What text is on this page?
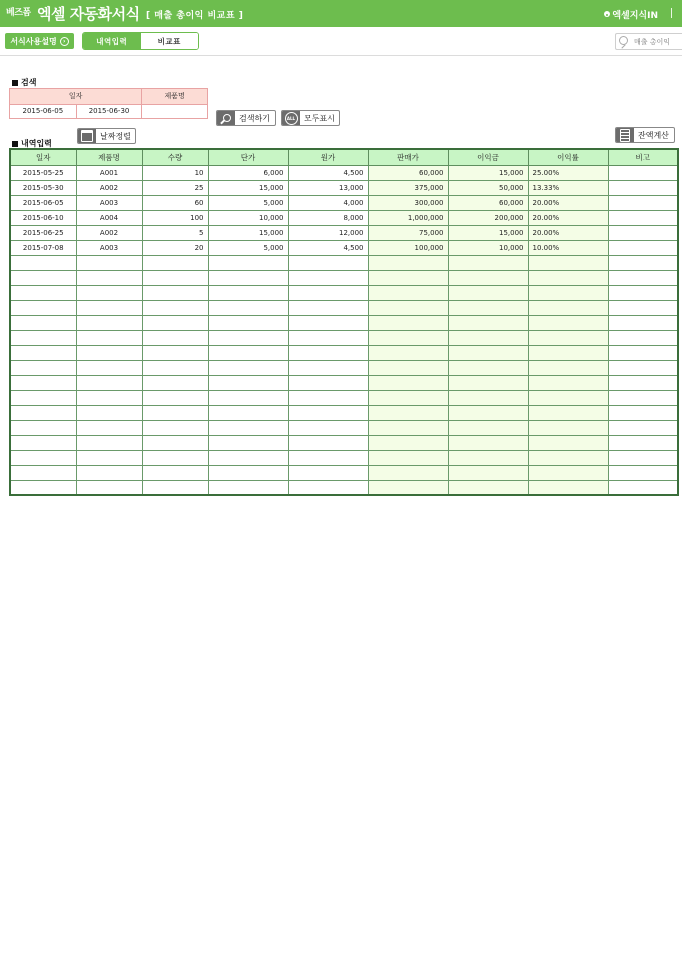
베즈폼 엑셀 자동화서식 [ 매출 총이익 비교표 ]	엑셀지식IN
서식사용설명	›	내역입력	비교표
매출 총이익
검색
일자		제품명
2015-06-05	2015-06-30	
검색하기 ALL	모두표시
내역입력
날짜정렬	잔액계산
일자	제품명	수량	단가	원가	판매가	이익금	이익률	비고
2015-05-25	A001	10	6,000	4,500	60,000	15,000	25.00%	
2015-05-30	A002	25	15,000	13,000	375,000	50,000	13.33%	
2015-06-05	A003	60	5,000	4,000	300,000	60,000	20.00%	
2015-06-10	A004	100	10,000	8,000	1,000,000	200,000	20.00%	
2015-06-25	A002	5	15,000	12,000	75,000	15,000	20.00%	
2015-07-08	A003	20	5,000	4,500	100,000	10,000	10.00%	
